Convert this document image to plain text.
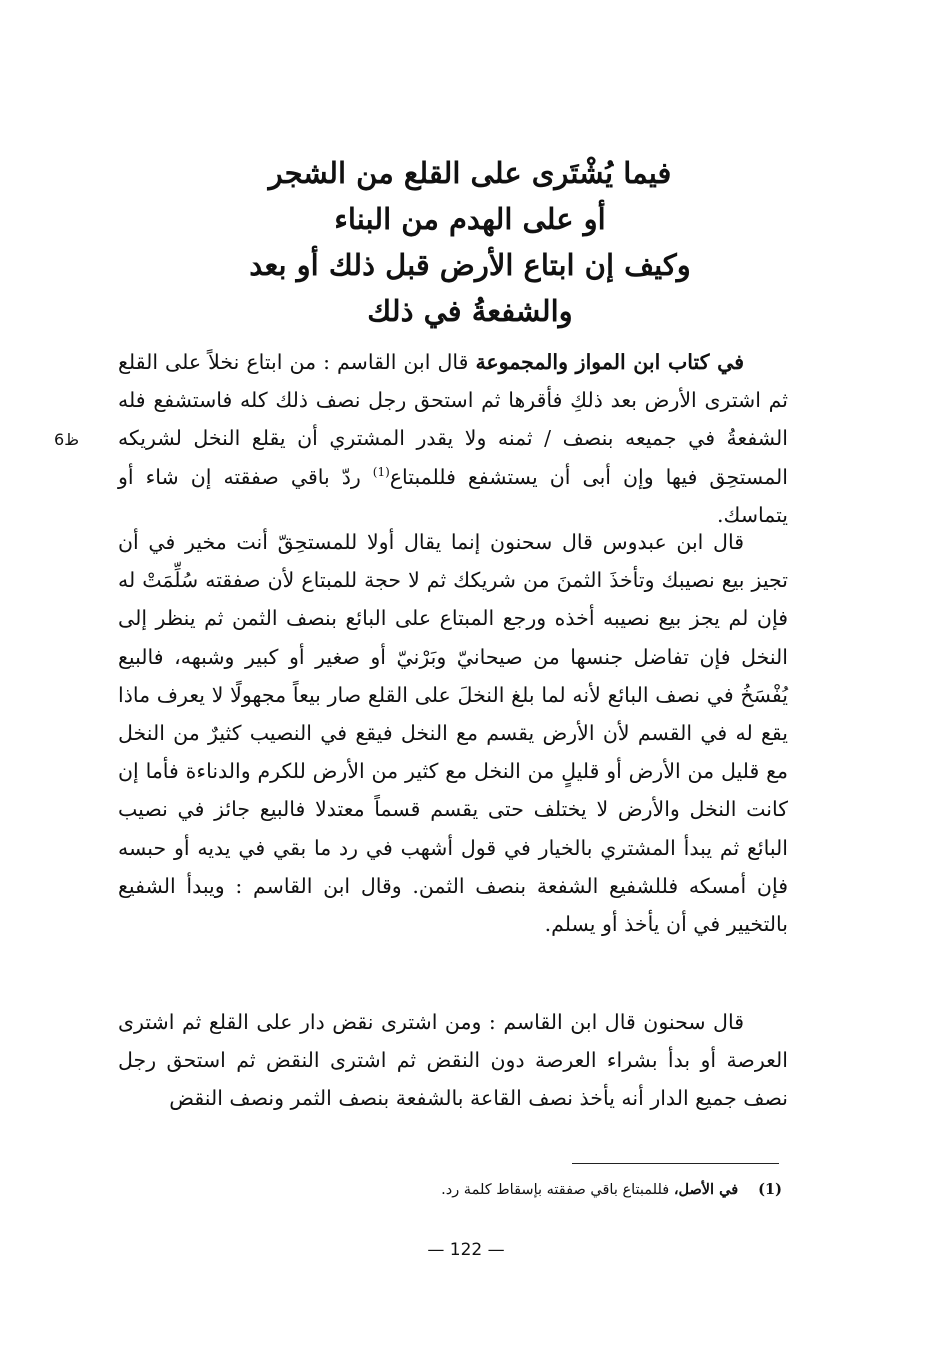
فيما يُشْتَرى على القلع من الشجر
أو على الهدم من البناء
وكيف إن ابتاع الأرض قبل ذلك أو بعد
والشفعةُ في ذلك
6ظ

في كتاب ابن المواز والمجموعة قال ابن القاسم : من ابتاع نخلاً على القلع ثم اشترى الأرض بعد ذلكِ فأقرها ثم استحق رجل نصف ذلك كله فاستشفع فله الشفعةُ في جميعه بنصف / ثمنه ولا يقدر المشتري أن يقلع النخل لشريكه المستحِق فيها وإن أبى أن يستشفع فللمبتاع$^{(1)}$ ردّ باقي صفقته إن شاء أو يتماسك.

قال ابن عبدوس قال سحنون إنما يقال أولا للمستحِقّ أنت مخير في أن تجيز بيع نصيبك وتأخذَ الثمنَ من شريكك ثم لا حجة للمبتاع لأن صفقته سُلِّمَتْ له فإن لم يجز بيع نصيبه أخذه ورجع المبتاع على البائع بنصف الثمن ثم ينظر إلى النخل فإن تفاضل جنسها من صيحانيّ وبَرْنيّ أو صغير أو كبير وشبهه، فالبيع يُفْسَخُ في نصف البائع لأنه لما بلغ النخلَ على القلع صار بيعاً مجهولًا لا يعرف ماذا يقع له في القسم لأن الأرض يقسم مع النخل فيقع في النصيب كثيرٌ من النخل مع قليل من الأرض أو قليلٍ من النخل مع كثير من الأرض للكرم والدناءة فأما إن كانت النخل والأرض لا يختلف حتى يقسم قسماً معتدلا فالبيع جائز في نصيب البائع ثم يبدأ المشتري بالخيار في قول أشهب في رد ما بقي في يديه أو حبسه فإن أمسكه فللشفيع الشفعة بنصف الثمن. وقال ابن القاسم : ويبدأ الشفيع بالتخيير في أن يأخذ أو يسلم.

قال سحنون قال ابن القاسم : ومن اشترى نقض دار على القلع ثم اشترى العرصة أو بدأ بشراء العرصة دون النقض ثم اشترى النقض ثم استحق رجل نصف جميع الدار أنه يأخذ نصف القاعة بالشفعة بنصف الثمر ونصف النقض

(1)في الأصل، فللمبتاع باقي صفقته بإسقاط كلمة رد.
— 122 —
